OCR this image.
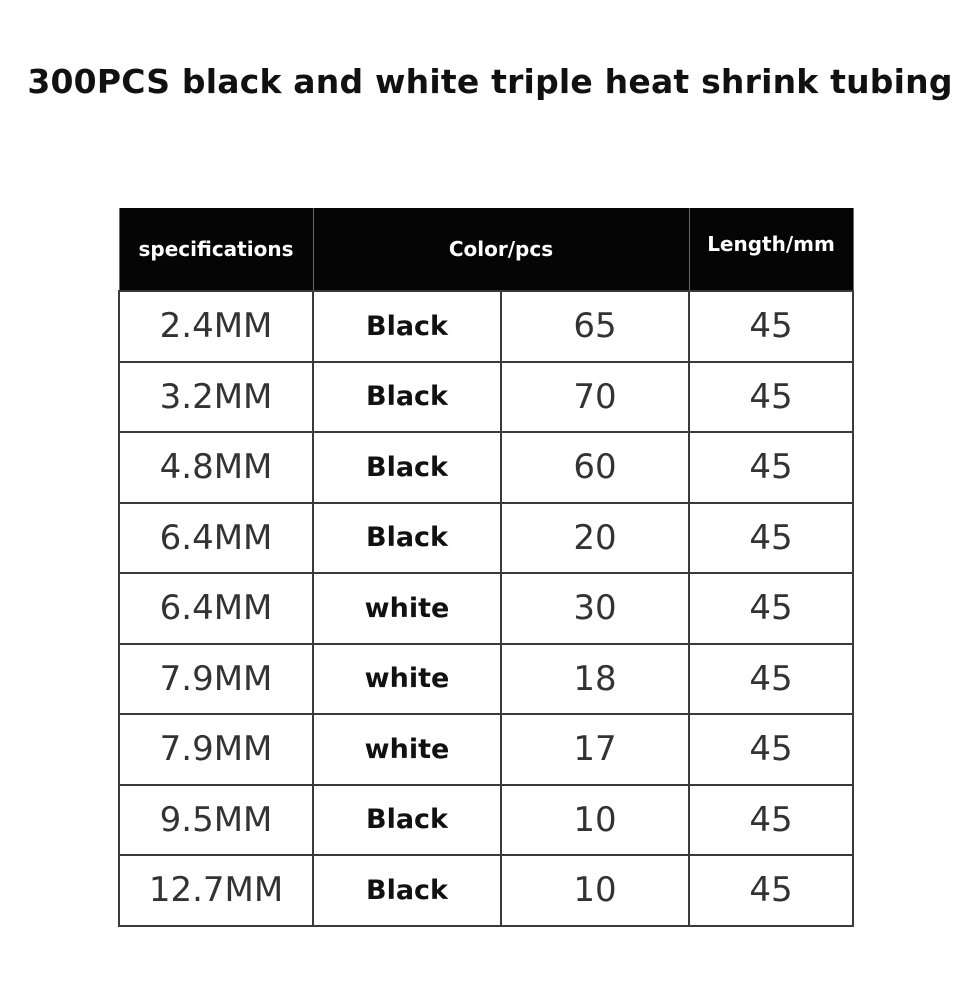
300PCS black and white triple heat shrink tubing
specifications	Color/pcs		Length/mm
2.4MM	Black	65	45
3.2MM	Black	70	45
4.8MM	Black	60	45
6.4MM	Black	20	45
6.4MM	white	30	45
7.9MM	white	18	45
7.9MM	white	17	45
9.5MM	Black	10	45
12.7MM	Black	10	45
